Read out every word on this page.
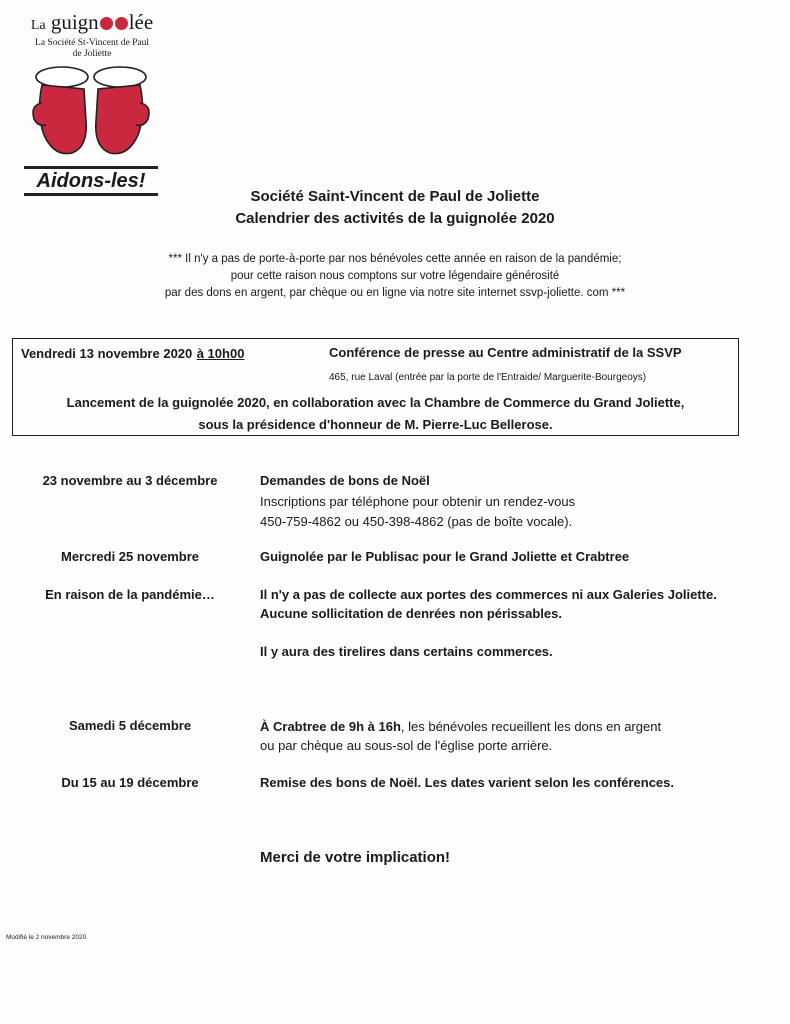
La guign lée
La Société St-Vincent de Paul
de Joliette
Aidons-les!
Société Saint-Vincent de Paul de Joliette
Calendrier des activités de la guignolée 2020
*** Il n'y a pas de porte-à-porte par nos bénévoles cette année en raison de la pandémie;
pour cette raison nous comptons sur votre légendaire générosité
par des dons en argent, par chèque ou en ligne via notre site internet ssvp-joliette. com ***
Vendredi 13 novembre 2020 à 10h00	Conférence de presse au Centre administratif de la SSVP
465, rue Laval (entrée par la porte de l'Entraide/ Marguerite-Bourgeoys)
Lancement de la guignolée 2020, en collaboration avec la Chambre de Commerce du Grand Joliette,
sous la présidence d'honneur de M. Pierre-Luc Bellerose.
23 novembre au 3 décembre	Demandes de bons de Noël
Inscriptions par téléphone pour obtenir un rendez-vous
450-759-4862 ou 450-398-4862 (pas de boîte vocale).
Mercredi 25 novembre	Guignolée par le Publisac pour le Grand Joliette et Crabtree
En raison de la pandémie…	Il n'y a pas de collecte aux portes des commerces ni aux Galeries Joliette.
Aucune sollicitation de denrées non périssables.
Il y aura des tirelires dans certains commerces.
Samedi 5 décembre	À Crabtree de 9h à 16h, les bénévoles recueillent les dons en argent
ou par chèque au sous-sol de l'église porte arrière.
Du 15 au 19 décembre	Remise des bons de Noël. Les dates varient selon les conférences.
Merci de votre implication!
Modifié le 2 novembre 2020
